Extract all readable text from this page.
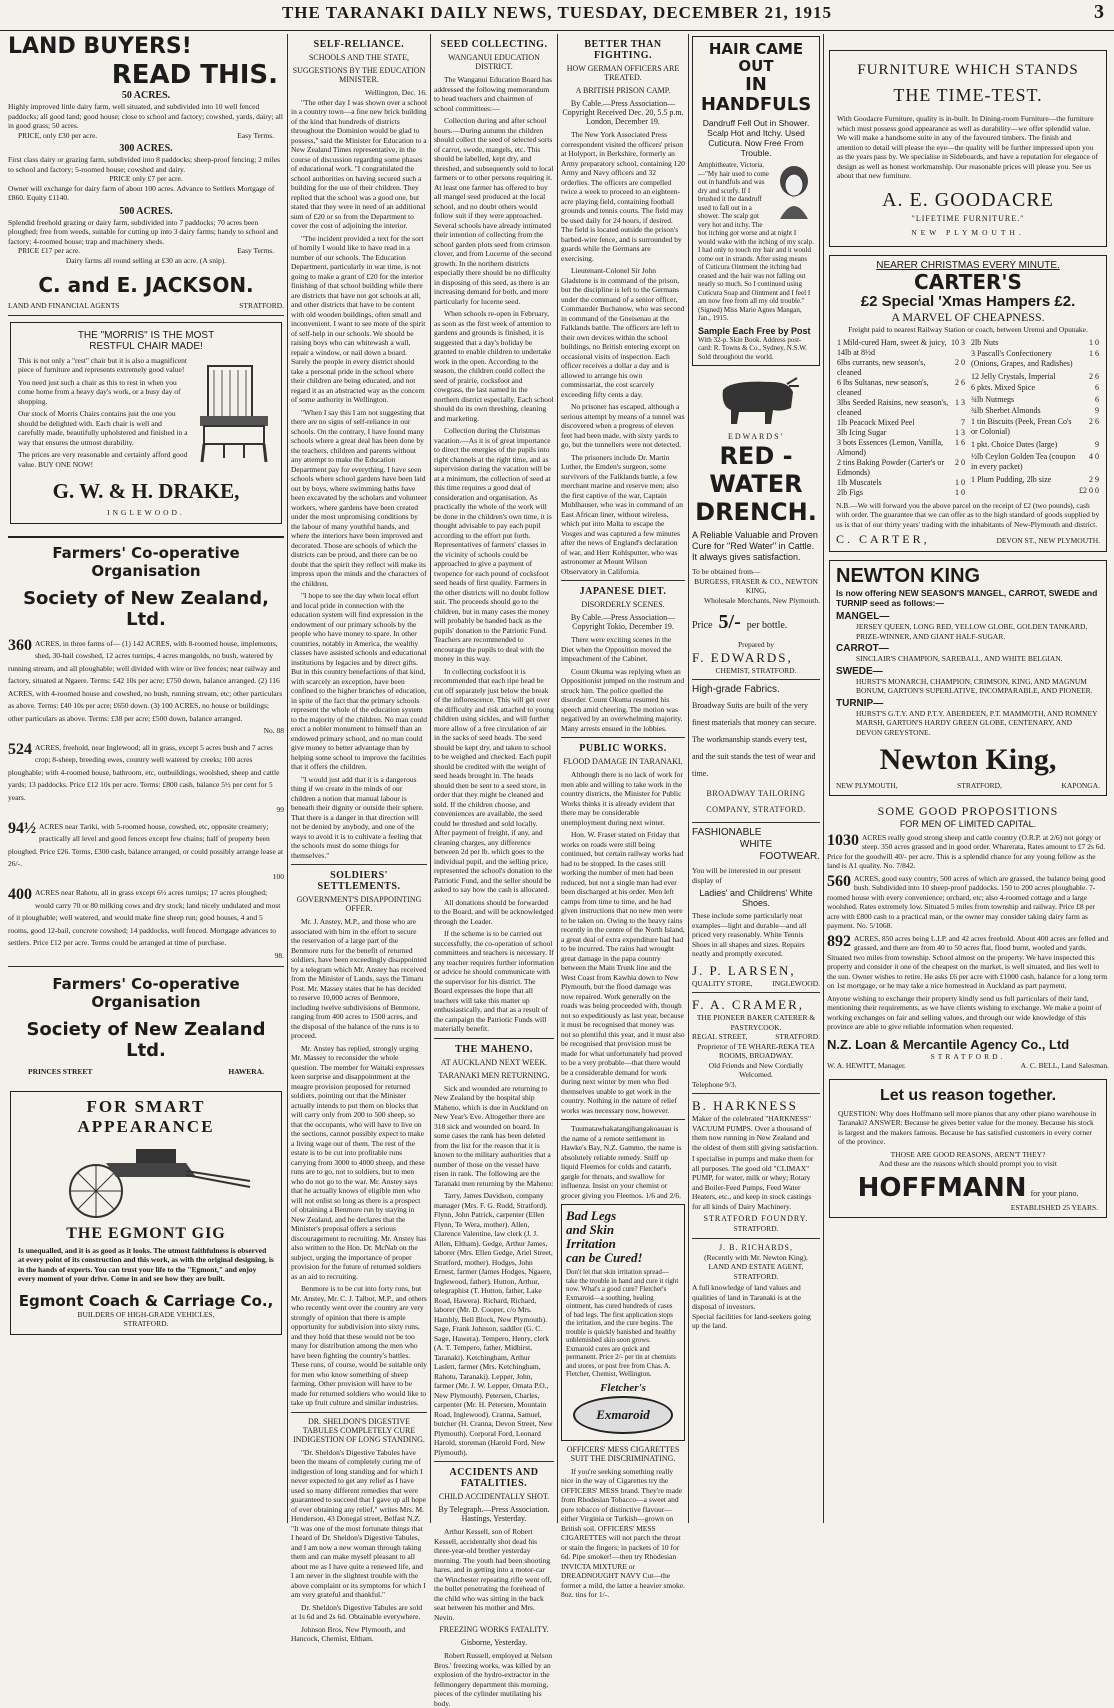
THE TARANAKI DAILY NEWS, TUESDAY, DECEMBER 21, 1915	3
LAND BUYERS!
READ THIS.
50 ACRES.
Highly improved little dairy farm, well situated, and subdivided into 10 well fenced paddocks; all good land; good house; close to school and factory; cowshed, yards, dairy; all in good grass; 50 acres.
PRICE, only £30 per acre.	Easy Terms.
300 ACRES.
First class dairy or grazing farm, subdivided into 8 paddocks; sheep-proof fencing; 2 miles to school and factory; 5-roomed house; cowshed and dairy.
PRICE only £7 per acre.
Owner will exchange for dairy farm of about 100 acres. Advance to Settlers Mortgage of £860. Equity £1140.
500 ACRES.
Splendid freehold grazing or dairy farm, subdivided into 7 paddocks; 70 acres been ploughed; free from weeds, suitable for cutting up into 3 dairy farms; handy to school and factory; 4-roomed house; trap and machinery sheds.
PRICE £17 per acre.	Easy Terms.
Dairy farms all round selling at £30 an acre. (A snip).
C. and E. JACKSON.
LAND AND FINANCIAL AGENTS	STRATFORD.
THE "MORRIS" IS THE MOST
RESTFUL CHAIR MADE!
This is not only a "rest" chair but it is also a magnificent piece of furniture and represents extremely good value!
You need just such a chair as this to rest in when you come home from a heavy day's work, or a busy day of shopping.
Our stock of Morris Chairs contains just the one you should be delighted with. Each chair is well and carefully made, beautifully upholstered and finished in a way that ensures the utmost durability.
The prices are very reasonable and certainly afford good value. BUY ONE NOW!
G. W. & H. DRAKE,
INGLEWOOD.
Farmers' Co-operative Organisation
Society of New Zealand, Ltd.
360 ACRES, in three farms of— (1) 142 ACRES, with 8-roomed house, implements, shed, 30-bail cowshed, 12 acres turnips, 4 acres mangolds, no bush, watered by running stream, and all ploughable; well divided with wire or live fences; near railway and factory, situated at Ngaere. Terms: £42 10s per acre; £750 down, balance arranged. (2) 116 ACRES, with 4-roomed house and cowshed, no bush, running stream, etc; other particulars as above. Terms: £40 10s per acre; £650 down. (3) 100 ACRES, no house or buildings; other particulars as above. Terms: £38 per acre; £500 down, balance arranged.
No. 88
524 ACRES, freehold, near Inglewood; all in grass, except 5 acres bush and 7 acres crop; 8-sheep, breeding ewes, country well watered by creeks; 100 acres ploughable; with 4-roomed house, bathroom, etc, outbuildings, woolshed, sheep and cattle yards; 13 paddocks. Price £12 10s per acre. Terms: £800 cash, balance 5½ per cent for 5 years.
99
94½ ACRES near Tariki, with 5-roomed house, cowshed, etc, opposite creamery; practically all level and good fences except few chains; half of property been ploughed. Price £26. Terms, £300 cash, balance arranged, or could possibly arrange lease at 26/-.
100
400 ACRES near Rahotu, all in grass except 6½ acres turnips; 17 acres ploughed; would carry 70 or 80 milking cows and dry stock; land nicely undulated and most of it ploughable; well watered, and would make fine sheep run; good houses, 4 and 5 rooms, good 12-bail, concrete cowshed; 14 paddocks, well fenced. Mortgage advances to settlers. Price £12 per acre. Terms could be arranged at time of purchase.
98.
Farmers' Co-operative Organisation
Society of New Zealand Ltd.
PRINCES STREET	HAWERA.
FOR SMART APPEARANCE
THE EGMONT GIG
Is unequalled, and it is as good as it looks. The utmost faithfulness is observed at every point of its construction and this work, as with the original designing, is in the hands of experts. You can trust your life to the "Egmont," and enjoy every moment of your drive. Come in and see how they are built.
Egmont Coach & Carriage Co.,
BUILDERS OF HIGH-GRADE VEHICLES,
STRATFORD.
SELF-RELIANCE.
SCHOOLS AND THE STATE,
SUGGESTIONS BY THE EDUCATION MINISTER.
Wellington, Dec. 16.

"The other day I was shown over a school in a country town—a fine new brick building of the kind that hundreds of districts throughout the Dominion would be glad to possess," said the Minister for Education to a New Zealand Times representative, in the course of discussion regarding some phases of educational work. "I congratulated the school authorities on having secured such a building for the use of their children. They replied that the school was a good one, but stated that they were in need of an additional sum of £20 or so from the Department to cover the cost of adjoining the interior.

"The incident provided a text for the sort of homily I would like to have read in a number of our schools. The Education Department, particularly in war time, is not going to make a grant of £20 for the interior finishing of that school building while there are districts that have not got schools at all, and other districts that have to be content with old wooden buildings, often small and inconvenient. I want to see more of the spirit of self-help in our schools. We should be raising boys who can whitewash a wall, repair a window, or nail down a board. Surely the people in every district should take a personal pride in the school where their children are being educated, and not regard it as an abstracted way as the concern of some authority in Wellington.

"When I say this I am not suggesting that there are no signs of self-reliance in our schools. On the contrary, I have found many schools where a great deal has been done by the teachers, children and parents without any attempt to make the Education Department pay for everything. I have seen schools where school gardens have been laid out by boys, where swimming baths have been excavated by the scholars and volunteer workers, where gardens have been created under the most unpromising conditions by the labour of many youthful hands, and where the interiors have been improved and decorated. Those are schools of which the districts can be proud, and there can be no doubt that the spirit they reflect will make its impress upon the minds and the characters of the children.

"I hope to see the day when local effort and local pride in connection with the education system will find expression in the endowment of our primary schools by the people who have money to spare. In other countries, notably in America, the wealthy classes have assisted schools and educational institutions by legacies and by direct gifts. But in this country benefactions of that kind, with scarcely an exception, have been confined to the higher branches of education, in spite of the fact that the primary schools represent the whole of the education system to the majority of the children. No man could erect a nobler monument to himself than an endowed primary school, and no man could give money to better advantage than by helping some school to improve the facilities that it offers the children.

"I would just add that it is a dangerous thing if we create in the minds of our children a notion that manual labour is beneath their dignity or outside their sphere. That there is a danger in that direction will not be denied by anybody, and one of the ways to avoid it is to cultivate a feeling that the schools must do some things for themselves."

SOLDIERS' SETTLEMENTS.
GOVERNMENT'S DISAPPOINTING OFFER.

Mr. J. Anstey, M.P., and those who are associated with him in the effort to secure the reservation of a large part of the Benmore runs for the benefit of returned soldiers, have been exceedingly disappointed by a telegram which Mr. Anstey has received from the Minister of Lands, says the Timaru Post. Mr. Massey states that he has decided to reserve 10,000 acres of Benmore, including twelve subdivisions of Benmore, ranging from 400 acres to 1500 acres, and the disposal of the balance of the runs is to proceed.

Mr. Anstey has replied, strongly urging Mr. Massey to reconsider the whole question. The member for Waitaki expresses keen surprise and disappointment at the meagre provision proposed for returned soldiers, pointing out that the Minister actually intends to put them on blocks that will carry only from 200 to 500 sheep, so that the occupants, who will have to live on the sections, cannot possibly expect to make a living wage out of them. The rest of the estate is to be cut into profitable runs carrying from 3000 to 4000 sheep, and these runs are to go, not to soldiers, but to men who do not go to the war. Mr. Anstey says that he actually knows of eligible men who will not enlist so long as there is a prospect of obtaining a Benmore run by staying in New Zealand, and he declares that the Minister's proposal offers a serious discouragement to recruiting. Mr. Anstey has also written to the Hon. Dr. McNab on the subject, urging the importance of proper provision for the future of returned soldiers as an aid to recruiting.

Benmore is to be cut into forty runs, but Mr. Anstey, Mr. C. J. Talbot, M.P., and others who recently went over the country are very strongly of opinion that there is ample opportunity for subdivision into sixty runs, and they hold that these would not be too many for distribution among the men who have been fighting the country's battles. These runs, of course, would be suitable only for men who know something of sheep farming. Other provision will have to be made for returned soldiers who would like to take up fruit culture and similar industries.

DR. SHELDON'S DIGESTIVE TABULES COMPLETELY CURE INDIGESTION OF LONG STANDING.

"Dr. Sheldon's Digestive Tabules have been the means of completely curing me of indigestion of long standing and for which I never expected to get any relief as I have used so many different remedies that were guaranteed to succeed that I gave up all hope of ever obtaining any relief," writes Mrs. M. Henderson, 43 Donegal street, Belfast N.Z. "It was one of the most fortunate things that I heard of Dr. Sheldon's Digestive Tabules, and I am now a new woman through taking them and can make myself pleasant to all about me as I have quite a renewed life, and I am never in the slightest trouble with the above complaint or its symptoms for which I am very grateful and thankful."

Dr. Sheldon's Digestive Tabules are sold at 1s 6d and 2s 6d. Obtainable everywhere.

Johnson Bros, New Plymouth, and Hancock, Chemist, Eltham.

SEED COLLECTING.
WANGANUI EDUCATION DISTRICT.

The Wanganui Education Board has addressed the following memorandum to head teachers and chairmen of school committees:—

Collection during and after school hours.—During autumn the children should collect the seed of selected sorts of carrot, swede, mangels, etc. This should be labelled, kept dry, and threshed, and subsequently sold to local farmers or to other persons requiring it. At least one farmer has offered to buy all mangel seed produced at the local school, and no doubt others would follow suit if they were approached. Several schools have already intimated their intention of collecting from the school garden plots seed from crimson clover, and from Lucerne of the second growth. In the northern districts especially there should be no difficulty in disposing of this seed, as there is an increasing demand for both, and more particularly for lucerne seed.

When schools re-open in February, as soon as the first week of attention to gardens and grounds is finished, it is suggested that a day's holiday be granted to enable children to undertake work in the open. According to the season, the children could collect the seed of prairie, cocksfoot and cowgrass, the last named in the northern district especially. Each school should do its own threshing, cleaning and marketing.

Collection during the Christmas vacation.—As it is of great importance to direct the energies of the pupils into right channels at the right time, and as supervision during the vacation will be at a minimum, the collection of seed at this time requires a good deal of consideration and organisation. As practically the whole of the work will be done in the children's own time, it is thought advisable to pay each pupil according to the effort put forth. Representatives of farmers' classes in the vicinity of schools could be approached to give a payment of twopence for each pound of cocksfoot seed heads of first quality. Farmers in the other districts will no doubt follow suit. The proceeds should go to the children, but in many cases the money will probably be handed back as the pupils' donation to the Patriotic Fund. Teachers are recommended to encourage the pupils to deal with the money in this way.

In collecting cocksfoot it is recommended that each ripe head be cut off separately just below the break of the inflorescence. This will get over the difficulty and risk attached to young children using sickles, and will further more allow of a free circulation of air in the sacks of seed heads. The seed should be kept dry, and taken to school to be weighed and checked. Each pupil should be credited with the weight of seed heads brought in. The heads should then be sent to a seed store, in order that they might be cleaned and sold. If the children choose, and conveniences are available, the seed could be threshed and sold locally. After payment of freight, if any, and cleaning charges, any difference between 2d per lb. which goes to the individual pupil, and the selling price, represented the school's donation to the Patriotic Fund, and the seller should be asked to say how the cash is allocated.

All donations should be forwarded to the Board, and will be acknowledged through the Leader.

If the scheme is to be carried out successfully, the co-operation of school committees and teachers is necessary. If any teacher requires further information or advice he should communicate with the supervisor for his district. The Board expresses the hope that all teachers will take this matter up enthusiastically, and that as a result of the campaign the Patriotic Funds will materially benefit.

THE MAHENO.
AT AUCKLAND NEXT WEEK.
TARANAKI MEN RETURNING.

Sick and wounded are returning to New Zealand by the hospital ship Maheno, which is due in Auckland on New Year's Eve. Altogether there are 318 sick and wounded on board. In some cases the rank has been deleted from the list for the reason that it is known to the military authorities that a number of those on the vessel have risen in rank. The following are the Taranaki men returning by the Maheno:

Tarry, James Davidson, company manager (Mrs. F. G. Rodd, Stratford). Flynn, John Patrick, carpenter (Ellen Flynn, Te Wera, mother). Allen, Clarence Valentine, law clerk (J. J. Allen, Eltham). Gedge, Arthur James, laborer (Mrs. Ellen Gedge, Ariel Street, Stratford, mother). Hodges, John Ernest, farmer (James Hodges, Ngaere, Inglewood, father). Hutton, Arthur, telegraphist (T. Hutton, father, Lake Road, Hawera). Richard, Richard, laborer (Mr. D. Cooper, c/o Mrs. Hambly, Bell Block, New Plymouth). Sage, Frank Johnson, saddler (G. C. Sage, Hawera). Tempero, Henry, clerk (A. T. Tempero, father, Midhirst, Taranaki). Ketchingham, Arthur Laslett, farmer (Mrs. Ketchingham, Rahotu, Taranaki). Lepper, John, farmer (Mr. J. W. Lepper, Omata P.O., New Plymouth). Petersen, Charles, carpenter (Mr. H. Petersen, Mountain Road, Inglewood). Cranna, Samuel, butcher (H. Cranna, Devon Street, New Plymouth). Corporal Ford, Leonard Harold, storeman (Harold Ford, New Plymouth).

ACCIDENTS AND FATALITIES.
CHILD ACCIDENTALLY SHOT.
By Telegraph.—Press Association. Hastings, Yesterday.

Arthur Kessell, son of Robert Kessell, accidentally shot dead his three-year-old brother yesterday morning. The youth had been shooting hares, and in getting into a motor-car the Winchester repeating rifle went off, the bullet penetrating the forehead of the child who was sitting in the back seat between his mother and Mrs. Nevin.

FREEZING WORKS FATALITY.
Gisborne, Yesterday.

Robert Russell, employed at Nelson Bros.' freezing works, was killed by an explosion of the hydro-extractor in the fellmongery department this morning, pieces of the cylinder mutilating his body.

BETTER THAN FIGHTING.
HOW GERMAN OFFICERS ARE TREATED.
A BRITISH PRISON CAMP.
By Cable.—Press Association—Copyright Received Dec. 20, 5.5 p.m. London, December 19.

The New York Associated Press correspondent visited the officers' prison at Holyport, in Berkshire, formerly an Army preparatory school, containing 120 Army and Navy officers and 32 orderlies. The officers are compelled twice a week to proceed to an eighteen-acre playing field, containing football grounds and tennis courts. The field may be used daily for 24 hours, if desired. The field is located outside the prison's barbed-wire fence, and is surrounded by guards while the Germans are exercising.

Lieutenant-Colonel Sir John Gladstone is in command of the prison, but the discipline is left to the Germans under the command of a senior officer, Commander Buchanow, who was second in command of the Gneisenau at the Falklands battle. The officers are left to their own devices within the school buildings, no British entering except on occasional visits of inspection. Each officer receives a dollar a day and is allowed to arrange his own commissariat, the cost scarcely exceeding fifty cents a day.

No prisoner has escaped, although a serious attempt by means of a tunnel was discovered when a progress of eleven feet had been made, with sixty yards to go, but the tunnellers were not detected.

The prisoners include Dr. Martin Luther, the Emden's surgeon, some survivors of the Falklands battle, a few merchant marine and reserve men; also the first captive of the war, Captain Muhlhauser, who was in command of an East African liner, without wireless, which put into Malta to escape the Vosges and was captured a few minutes after the news of England's declaration of war, and Herr Kohlsputter, who was astronomer at Mount Wilson Observatory in California.

JAPANESE DIET.
DISORDERLY SCENES.
By Cable.—Press Association—Copyright Tokio, December 19.

There were exciting scenes in the Diet when the Opposition moved the impeachment of the Cabinet.

Count Okuma was replying when an Oppositionist jumped on the rostrum and struck him. The police quelled the disorder. Count Okuma resumed his speech amid cheering. The motion was negatived by an overwhelming majority. Many arrests ensued in the lobbies.

PUBLIC WORKS.
FLOOD DAMAGE IN TARANAKI.

Although there is no lack of work for men able and willing to take work in the country districts, the Minister for Public Works thinks it is already evident that there may be considerable unemployment during next winter.

Hon. W. Fraser stated on Friday that works on roads were still being continued, but certain railway works had had to be stopped. In the cases still working the number of men had been reduced, but not a single man had ever been discharged at his order. Men left camps from time to time, and he had given instructions that no new men were to be taken on. Owing to the heavy rains recently in the centre of the North Island, a great deal of extra expenditure had had to be incurred. The rains had wrought great damage in the papa country between the Main Trunk line and the West Coast from Kawhia down to New Plymouth, but the flood damage was now repaired. Work generally on the roads was being proceeded with, though not so expeditiously as last year, because it must be recognised that money was not so plentiful this year, and it must also be recognised that provision must be made for what unfortunately had proved to be a very probable—that there would be a considerable demand for work during next winter by men who fled themselves unable to get work in the country. Nothing in the nature of relief works was necessary now, however.

Tuumatawhakatangihangakoauau is the name of a remote settlement in Hawke's Bay, N.Z. Gammo, the name is absolutely reliable remedy. Sniff up liquid Fleemos for colds and catarrh, gargle for throats, and swallow for influenza. Insist on your chemist or grocer giving you Fleemos. 1/6 and 2/6.

Bad Legs
and Skin
Irritation
can be Cured!
Don't let that skin irritation spread—take the trouble in hand and cure it right now. What's a good cure? Fletcher's Exmaroid—a soothing, healing ointment, has cured hundreds of cases of bad legs. The first application stops the irritation, and the cure begins. The trouble is quickly banished and healthy unblemished skin soon grows. Exmaroid cures are quick and permanent. Price 2/- per tin at chemists and stores, or post free from Chas. A. Fletcher, Chemist, Wellington.
Fletcher's
Exmaroid
OFFICERS' MESS CIGARETTES SUIT THE DISCRIMINATING.

If you're seeking something really nice in the way of Cigarettes try the OFFICERS' MESS brand. They're made from Rhodesian Tobacco—a sweet and pure tobacco of distinctive flavour—either Virginia or Turkish—grown on British soil. OFFICERS' MESS CIGARETTES will not parch the throat or stain the fingers; in packets of 10 for 6d. Pipe smoker!—then try Rhodesian INVICTA MIXTURE or DREADNOUGHT NAVY Cut—the former a mild, the latter a heavier smoke. 8oz. tins for 1/-.

HAIR CAME OUT
IN HANDFULS
Dandruff Fell Out in Shower. Scalp Hot and Itchy. Used Cuticura. Now Free From Trouble.
Amphitheatre, Victoria.—"My hair used to come out in handfuls and was dry and scurfy. If I brushed it the dandruff used to fall out in a shower. The scalp got very hot and itchy. The hot itching got worse and at night I would wake with the itching of my scalp. I had only to touch my hair and it would come out in strands. After using means of Cuticura Ointment the itching had ceased and the hair was not falling out nearly so much. So I continued using Cuticura Soap and Ointment and I feel I am now free from all my old trouble." (Signed) Miss Marie Agnes Mangan, Jan., 1915.
Sample Each Free by Post
With 32-p. Skin Book. Address post-card: R. Towns & Co., Sydney, N.S.W. Sold throughout the world.
EDWARDS'
RED - WATER
DRENCH.
A Reliable Valuable and Proven Cure for "Red Water" in Cattle. It always gives satisfaction.
To be obtained from—
BURGESS, FRASER & CO., NEWTON KING,
Wholesale Merchants, New Plymouth.
Price 5/- per bottle.
Prepared by
F. EDWARDS,
CHEMIST, STRATFORD.
High-grade Fabrics.
Broadway Suits are built of the very finest materials that money can secure. The workmanship stands every test, and the suit stands the test of wear and time.
BROADWAY TAILORING COMPANY, STRATFORD.
FASHIONABLE
WHITE
FOOTWEAR.
You will be interested in our present display of
Ladies' and Childrens' White Shoes.
These include some particularly neat examples—light and durable—and all priced very reasonably. White Tennis Shoes in all shapes and sizes. Repairs neatly and promptly executed.
J. P. LARSEN,
QUALITY STORE,	INGLEWOOD.
F. A. CRAMER,
THE PIONEER BAKER CATERER & PASTRYCOOK.
REGAL STREET,	STRATFORD.
Proprietor of TE WHARE-REKA TEA ROOMS, BROADWAY.
Old Friends and New Cordially Welcomed.
Telephone 9/3.
B. HARKNESS
Maker of the celebrated "HARKNESS" VACUUM PUMPS. Over a thousand of them now running in New Zealand and the oldest of them still giving satisfaction.
I specialise in pumps and make them for all purposes. The good old "CLIMAX" PUMP, for water, milk or whey; Rotary and Boiler-Feed Pumps, Feed Water Heaters, etc., and keep in stock castings for all kinds of Dairy Machinery.
STRATFORD FOUNDRY.
STRATFORD.
J. B. RICHARDS,
(Recently with Mr. Newton King),
LAND AND ESTATE AGENT,
STRATFORD.
A full knowledge of land values and qualities of land in Taranaki is at the disposal of investors.
Special facilities for land-seekers going up the land.
FURNITURE WHICH STANDS
THE TIME-TEST.
With Goodacre Furniture, quality is in-built. In Dining-room Furniture—the furniture which must possess good appearance as well as durability—we offer splendid value. We will make a handsome suite in any of the favoured timbers. The finish and attention to detail will please the eye—the quality will be further impressed upon you as the years pass by. We specialise in Sideboards, and have a reputation for elegance of design as well as honest workmanship. Our reasonable prices will please you. See us about that new furniture.
A. E. GOODACRE
"LIFETIME FURNITURE."
NEW PLYMOUTH.
NEARER CHRISTMAS EVERY MINUTE.
CARTER'S
£2 Special 'Xmas Hampers £2.
A MARVEL OF CHEAPNESS.
Freight paid to nearest Railway Station or coach, between Urenui and Opunake.
1 Mild-cured Ham, sweet & juicy, 14lb at 8½d	10 3
6lbs currants, new season's, cleaned	2 0
6 lbs Sultanas, new season's, cleaned	2 6
3lbs Seeded Raisins, new season's, cleaned	1 3
1lb Peacock Mixed Peel	7
3lb Icing Sugar	1 3
3 bots Essences (Lemon, Vanilla, Almond)	1 6
2 tins Baking Powder (Carter's or Edmonds)	2 0
1lb Muscatels	1 0
2lb Figs	1 0
2lb Nuts	1 0
3 Pascall's Confectionery (Onions, Grapes, and Radishes)	1 6
12 Jelly Crystals, Imperial	2 6
6 pkts. Mixed Spice	6
¾lb Nutmegs	6
¾lb Sherbet Almonds	9
1 tin Biscuits (Peek, Frean Co's or Colonial)	2 6
1 pkt. Choice Dates (large)	9
½lb Ceylon Golden Tea (coupon in every packet)	4 0
1 Plum Pudding, 2lb size	2 9

	£2 0 0
N.B.—We will forward you the above parcel on the receipt of £2 (two pounds), cash with order. The guarantee that we can offer as to the high standard of goods supplied by us is that of our thirty years' trading with the inhabitants of New-Plymouth and district.
C. CARTER,	DEVON ST., NEW PLYMOUTH.
NEWTON KING
Is now offering NEW SEASON'S MANGEL, CARROT, SWEDE and TURNIP seed as follows:—
MANGEL—
JERSEY QUEEN, LONG RED, YELLOW GLOBE, GOLDEN TANKARD, PRIZE-WINNER, AND GIANT HALF-SUGAR.
CARROT—
SINCLAIR'S CHAMPION, SAREBALL, AND WHITE BELGIAN.
SWEDE—
HURST'S MONARCH, CHAMPION, CRIMSON, KING, AND MAGNUM BONUM, GARTON'S SUPERLATIVE, INCOMPARABLE, AND PIONEER.
TURNIP—
HURST'S G.T.Y. AND P.T.Y. ABERDEEN, P.T. MAMMOTH, AND ROMNEY MARSH, GARTON'S HARDY GREEN GLOBE, CENTENARY, AND DEVON GREYSTONE.
Newton King,
NEW PLYMOUTH,	STRATFORD,	KAPONGA.
SOME GOOD PROPOSITIONS
FOR MEN OF LIMITED CAPITAL.
1030 ACRES really good strong sheep and cattle country (O.R.P. at 2/6) not gorgy or steep. 350 acres grassed and in good order. Wharerata, Rates amount to £7 2s 6d. Price for the goodwill 40/- per acre. This is a splendid chance for any young fellow as the land is A1 quality. No. 7/842.
560 ACRES, good easy country, 500 acres of which are grassed, the balance being good bush. Subdivided into 10 sheep-proof paddocks. 150 to 200 acres ploughable. 7-roomed house with every convenience; orchard, etc; also 4-roomed cottage and a large woolshed. Rates extremely low. Situated 5 miles from township and railway. Price £8 per acre with £800 cash to a practical man, or the owner may consider taking dairy farm as payment. No. 5/1068.
892 ACRES, 850 acres being L.I.P. and 42 acres freehold. About 400 acres are felled and grassed, and there are from 40 to 50 acres flat, flood burnt, wooled and yards. Situated two miles from township. School almost on the property. We have inspected this property and consider it one of the cheapest on the market, is well situated, and lies well to the sun. Owner wishes to retire. He asks £6 per acre with £1000 cash, balance for a long term on 1st mortgage, or he may take a nice homestead in Auckland as part payment.
Anyone wishing to exchange their property kindly send us full particulars of their land, mentioning their requirements, as we have clients wishing to exchange. We make a point of working exchanges on fair and selling values, and through our wide knowledge of this province are able to give reliable information when requested.
N.Z. Loan & Mercantile Agency Co., Ltd
STRATFORD.
W. A. HEWITT, Manager.	A. C. BELL, Land Salesman.
Let us reason together.
QUESTION: Why does Hoffmann sell more pianos that any other piano warehouse in Taranaki? ANSWER: Because he gives better value for the money. Because his stock is largest and the makers famous. Because he has satisfied customers in every corner of the province.
THOSE ARE GOOD REASONS, AREN'T THEY?
And these are the reasons which should prompt you to visit
HOFFMANN for your piano.
ESTABLISHED 25 YEARS.
